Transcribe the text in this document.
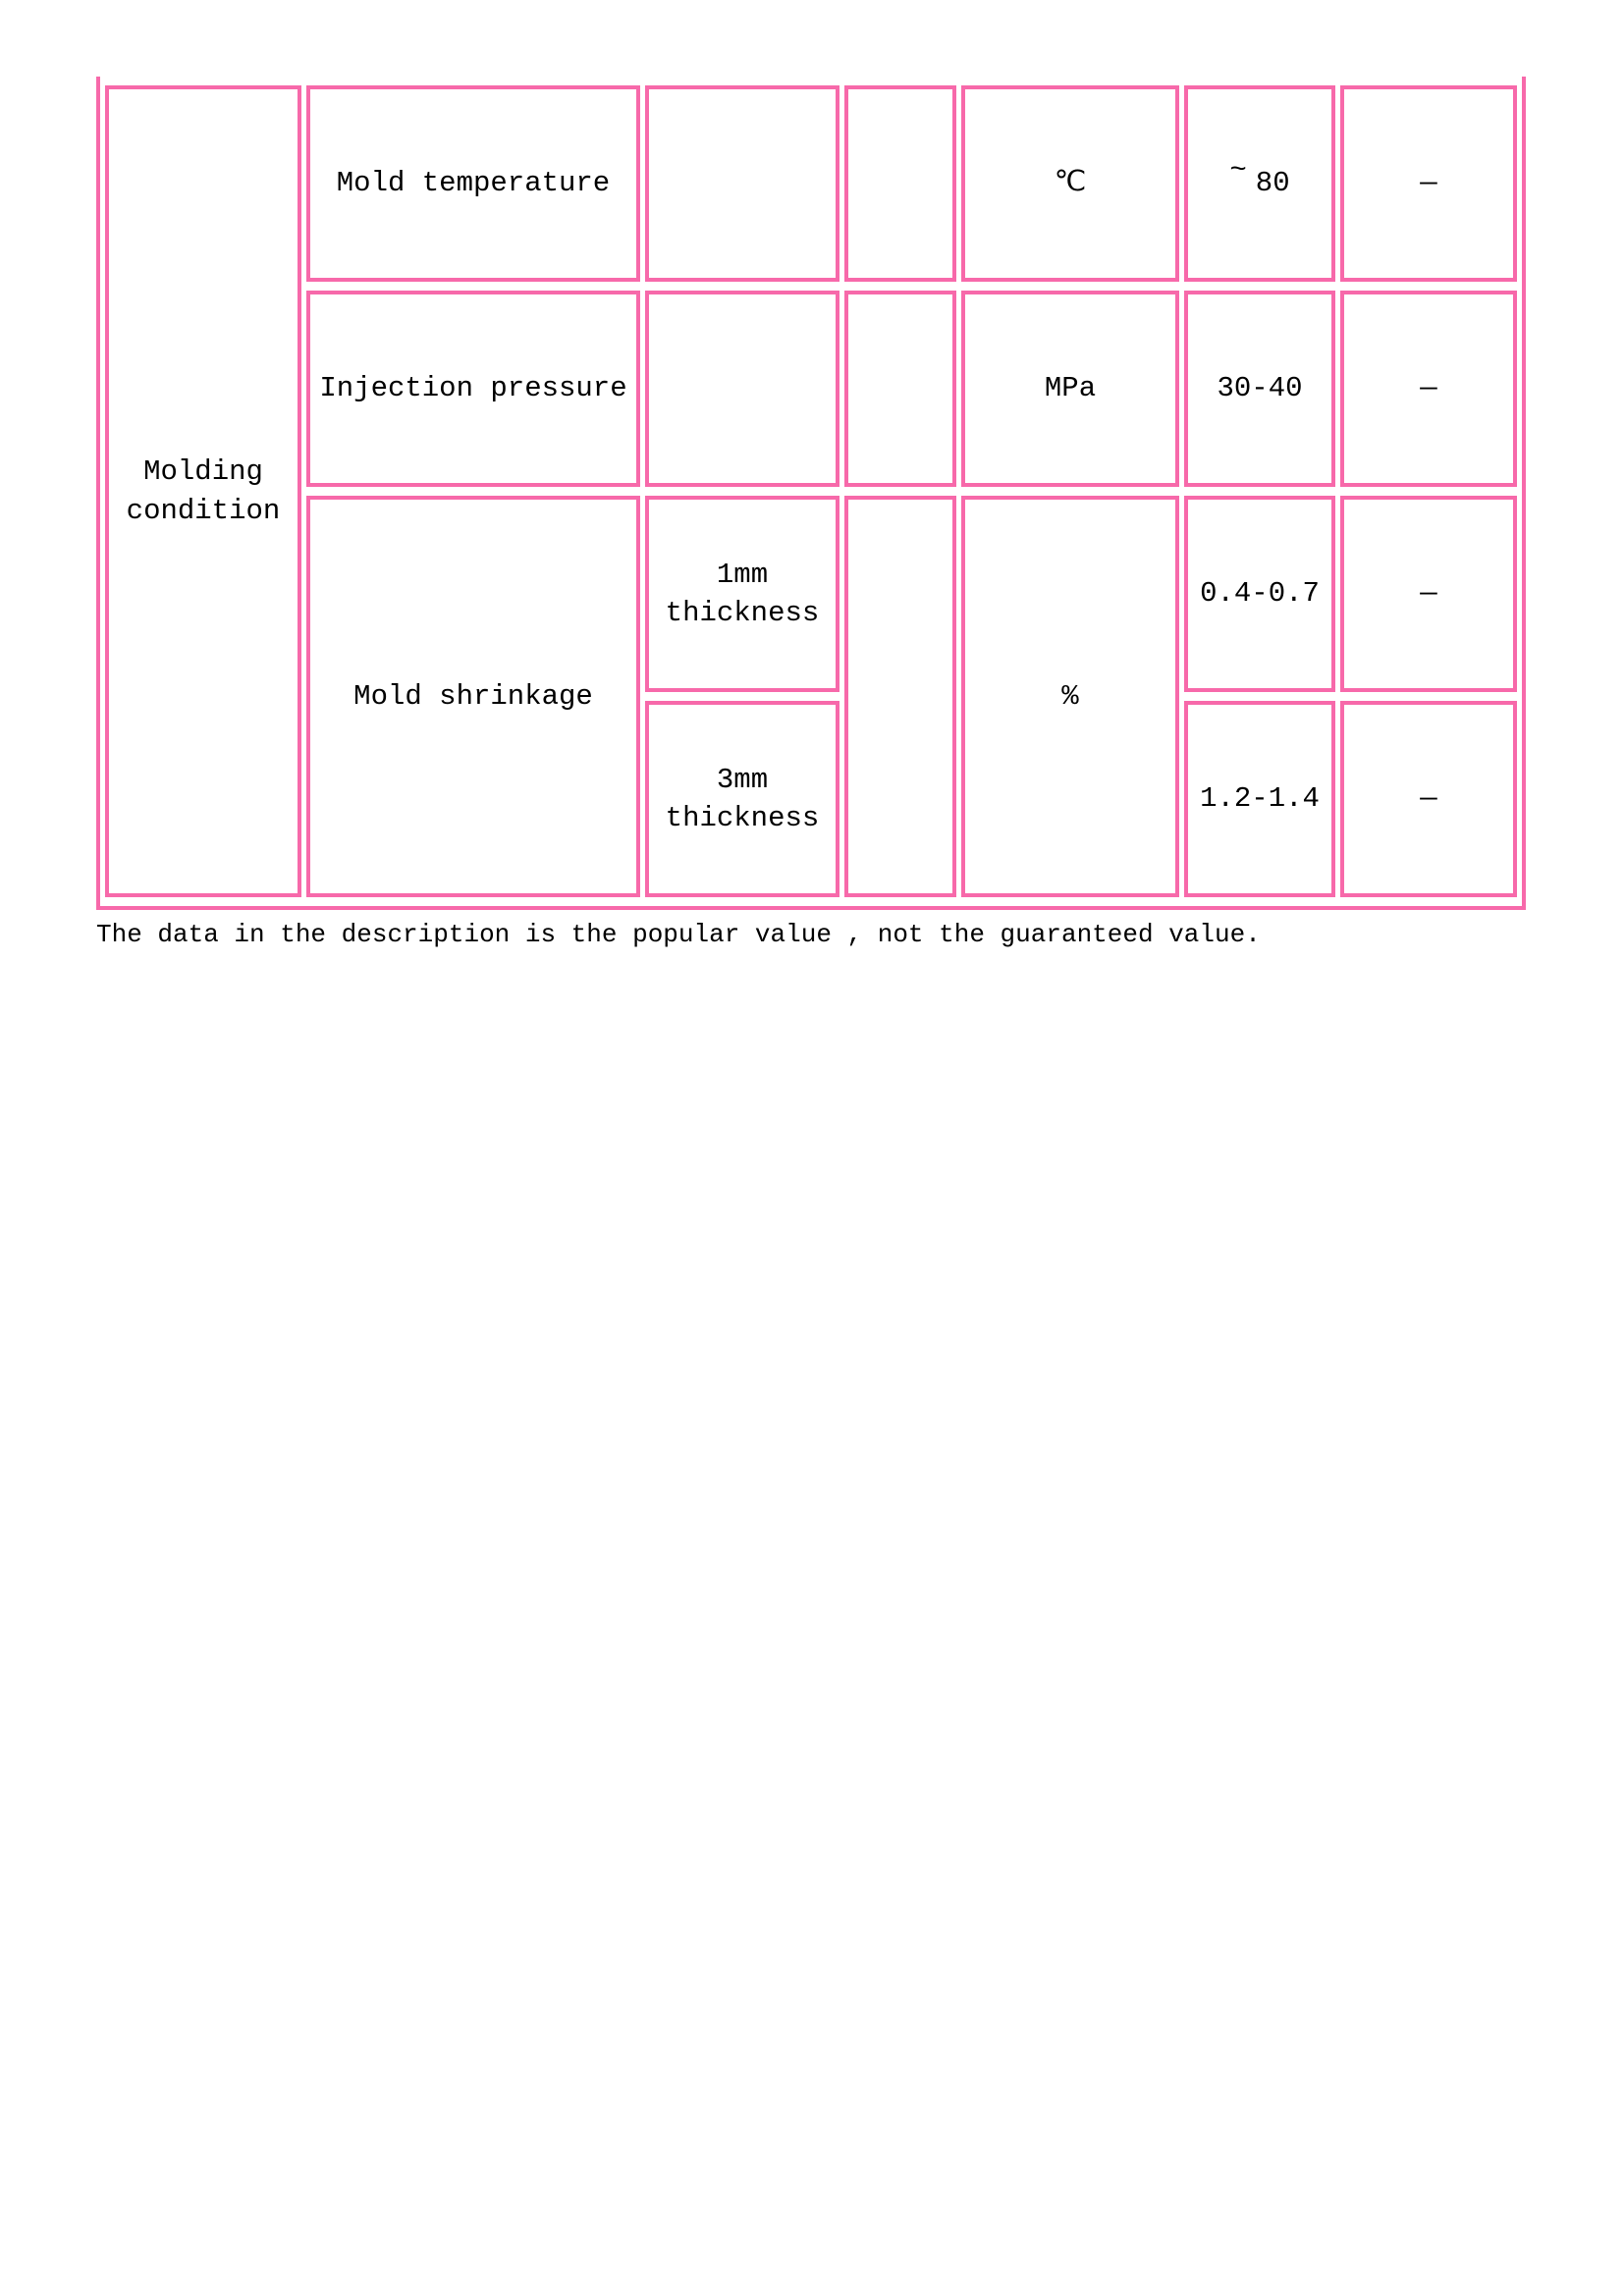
Molding condition	Mold temperature			℃	~ 80	—
	Injection pressure			MPa	30-40	—
	Mold shrinkage	1mm thickness		%	0.4-0.7	—
		3mm thickness			1.2-1.4	—
The data in the description is the popular value , not the guaranteed value.
